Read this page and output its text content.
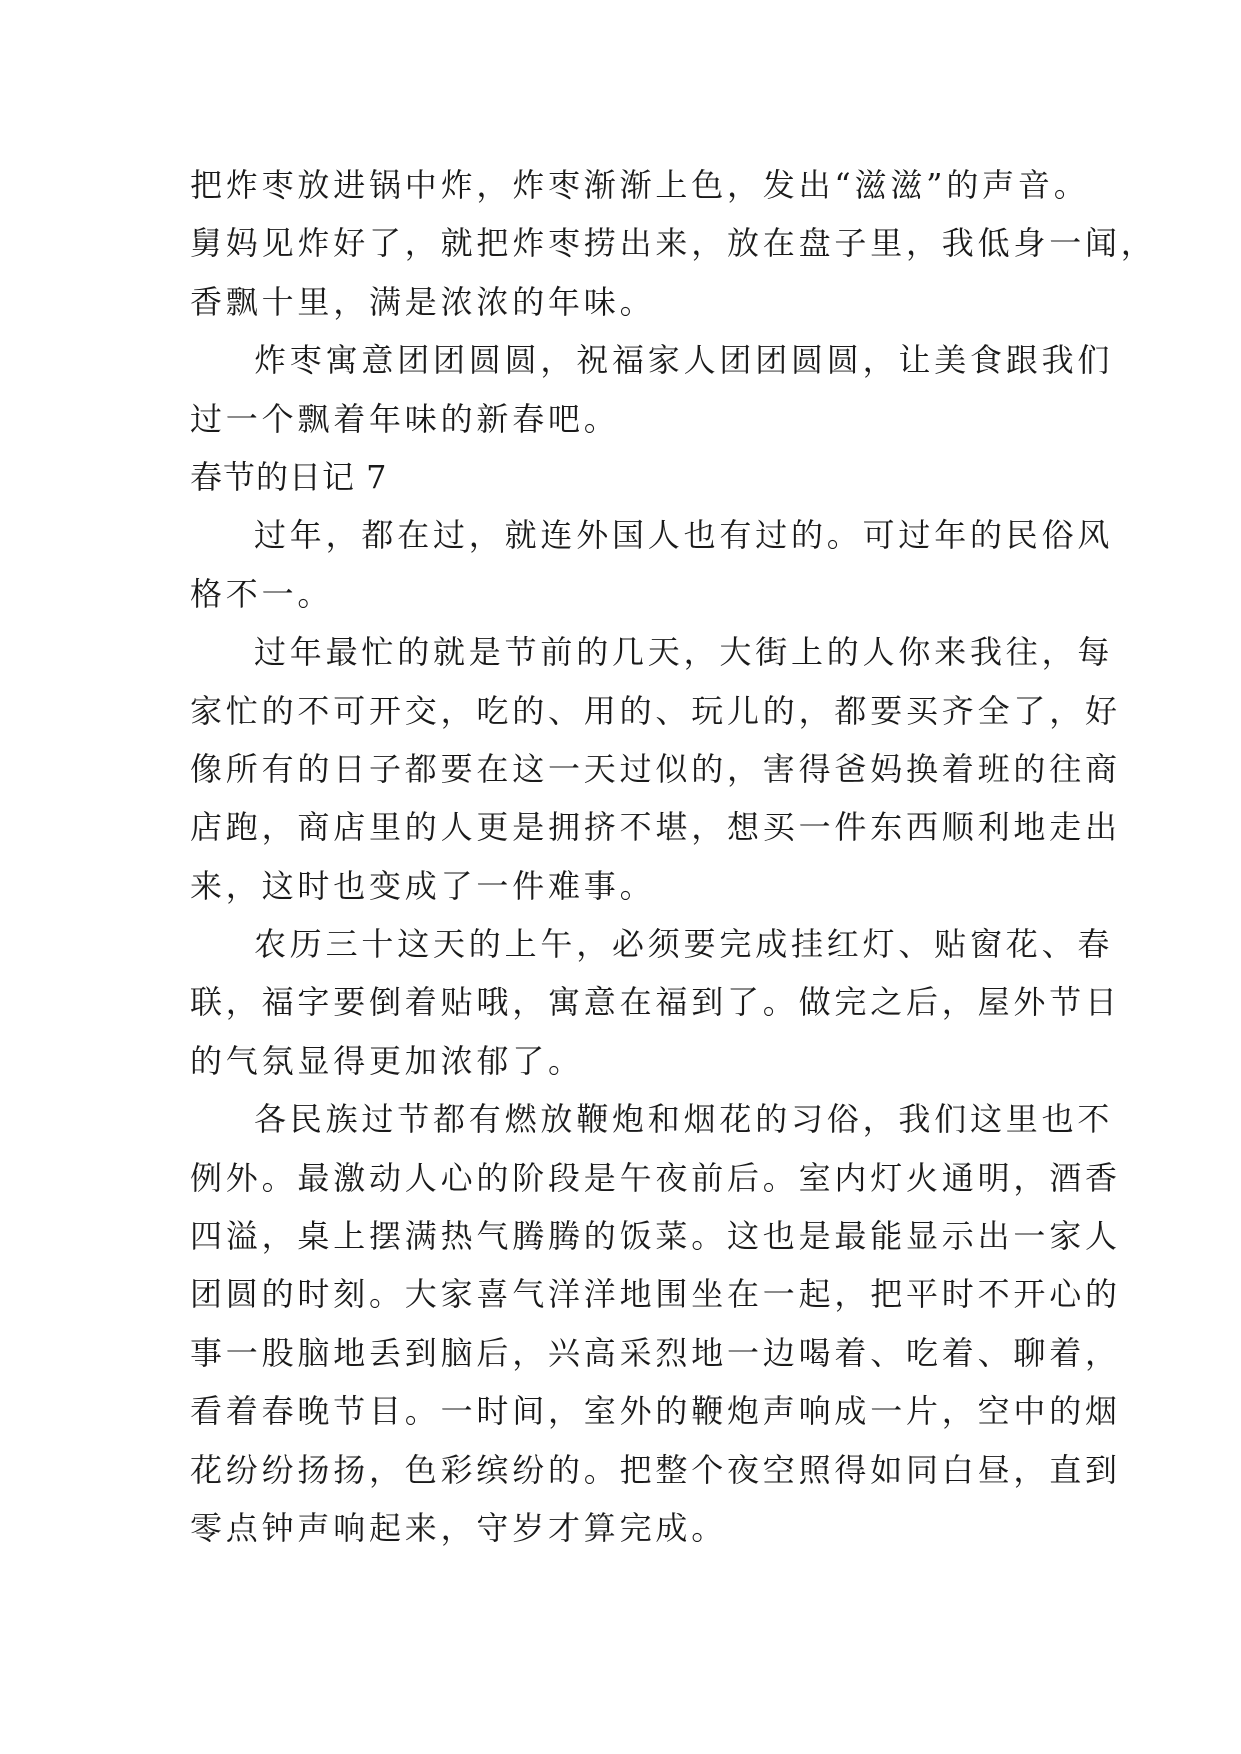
把炸枣放进锅中炸，炸枣渐渐上色，发出“滋滋”的声音。
舅妈见炸好了，就把炸枣捞出来，放在盘子里，我低身一闻，
香飘十里，满是浓浓的年味。
炸枣寓意团团圆圆，祝福家人团团圆圆，让美食跟我们
过一个飘着年味的新春吧。
春节的日记 7
过年，都在过，就连外国人也有过的。可过年的民俗风
格不一。
过年最忙的就是节前的几天，大街上的人你来我往，每
家忙的不可开交，吃的、用的、玩儿的，都要买齐全了，好
像所有的日子都要在这一天过似的，害得爸妈换着班的往商
店跑，商店里的人更是拥挤不堪，想买一件东西顺利地走出
来，这时也变成了一件难事。
农历三十这天的上午，必须要完成挂红灯、贴窗花、春
联，福字要倒着贴哦，寓意在福到了。做完之后，屋外节日
的气氛显得更加浓郁了。
各民族过节都有燃放鞭炮和烟花的习俗，我们这里也不
例外。最激动人心的阶段是午夜前后。室内灯火通明，酒香
四溢，桌上摆满热气腾腾的饭菜。这也是最能显示出一家人
团圆的时刻。大家喜气洋洋地围坐在一起，把平时不开心的
事一股脑地丢到脑后，兴高采烈地一边喝着、吃着、聊着，
看着春晚节目。一时间，室外的鞭炮声响成一片，空中的烟
花纷纷扬扬，色彩缤纷的。把整个夜空照得如同白昼，直到
零点钟声响起来，守岁才算完成。
